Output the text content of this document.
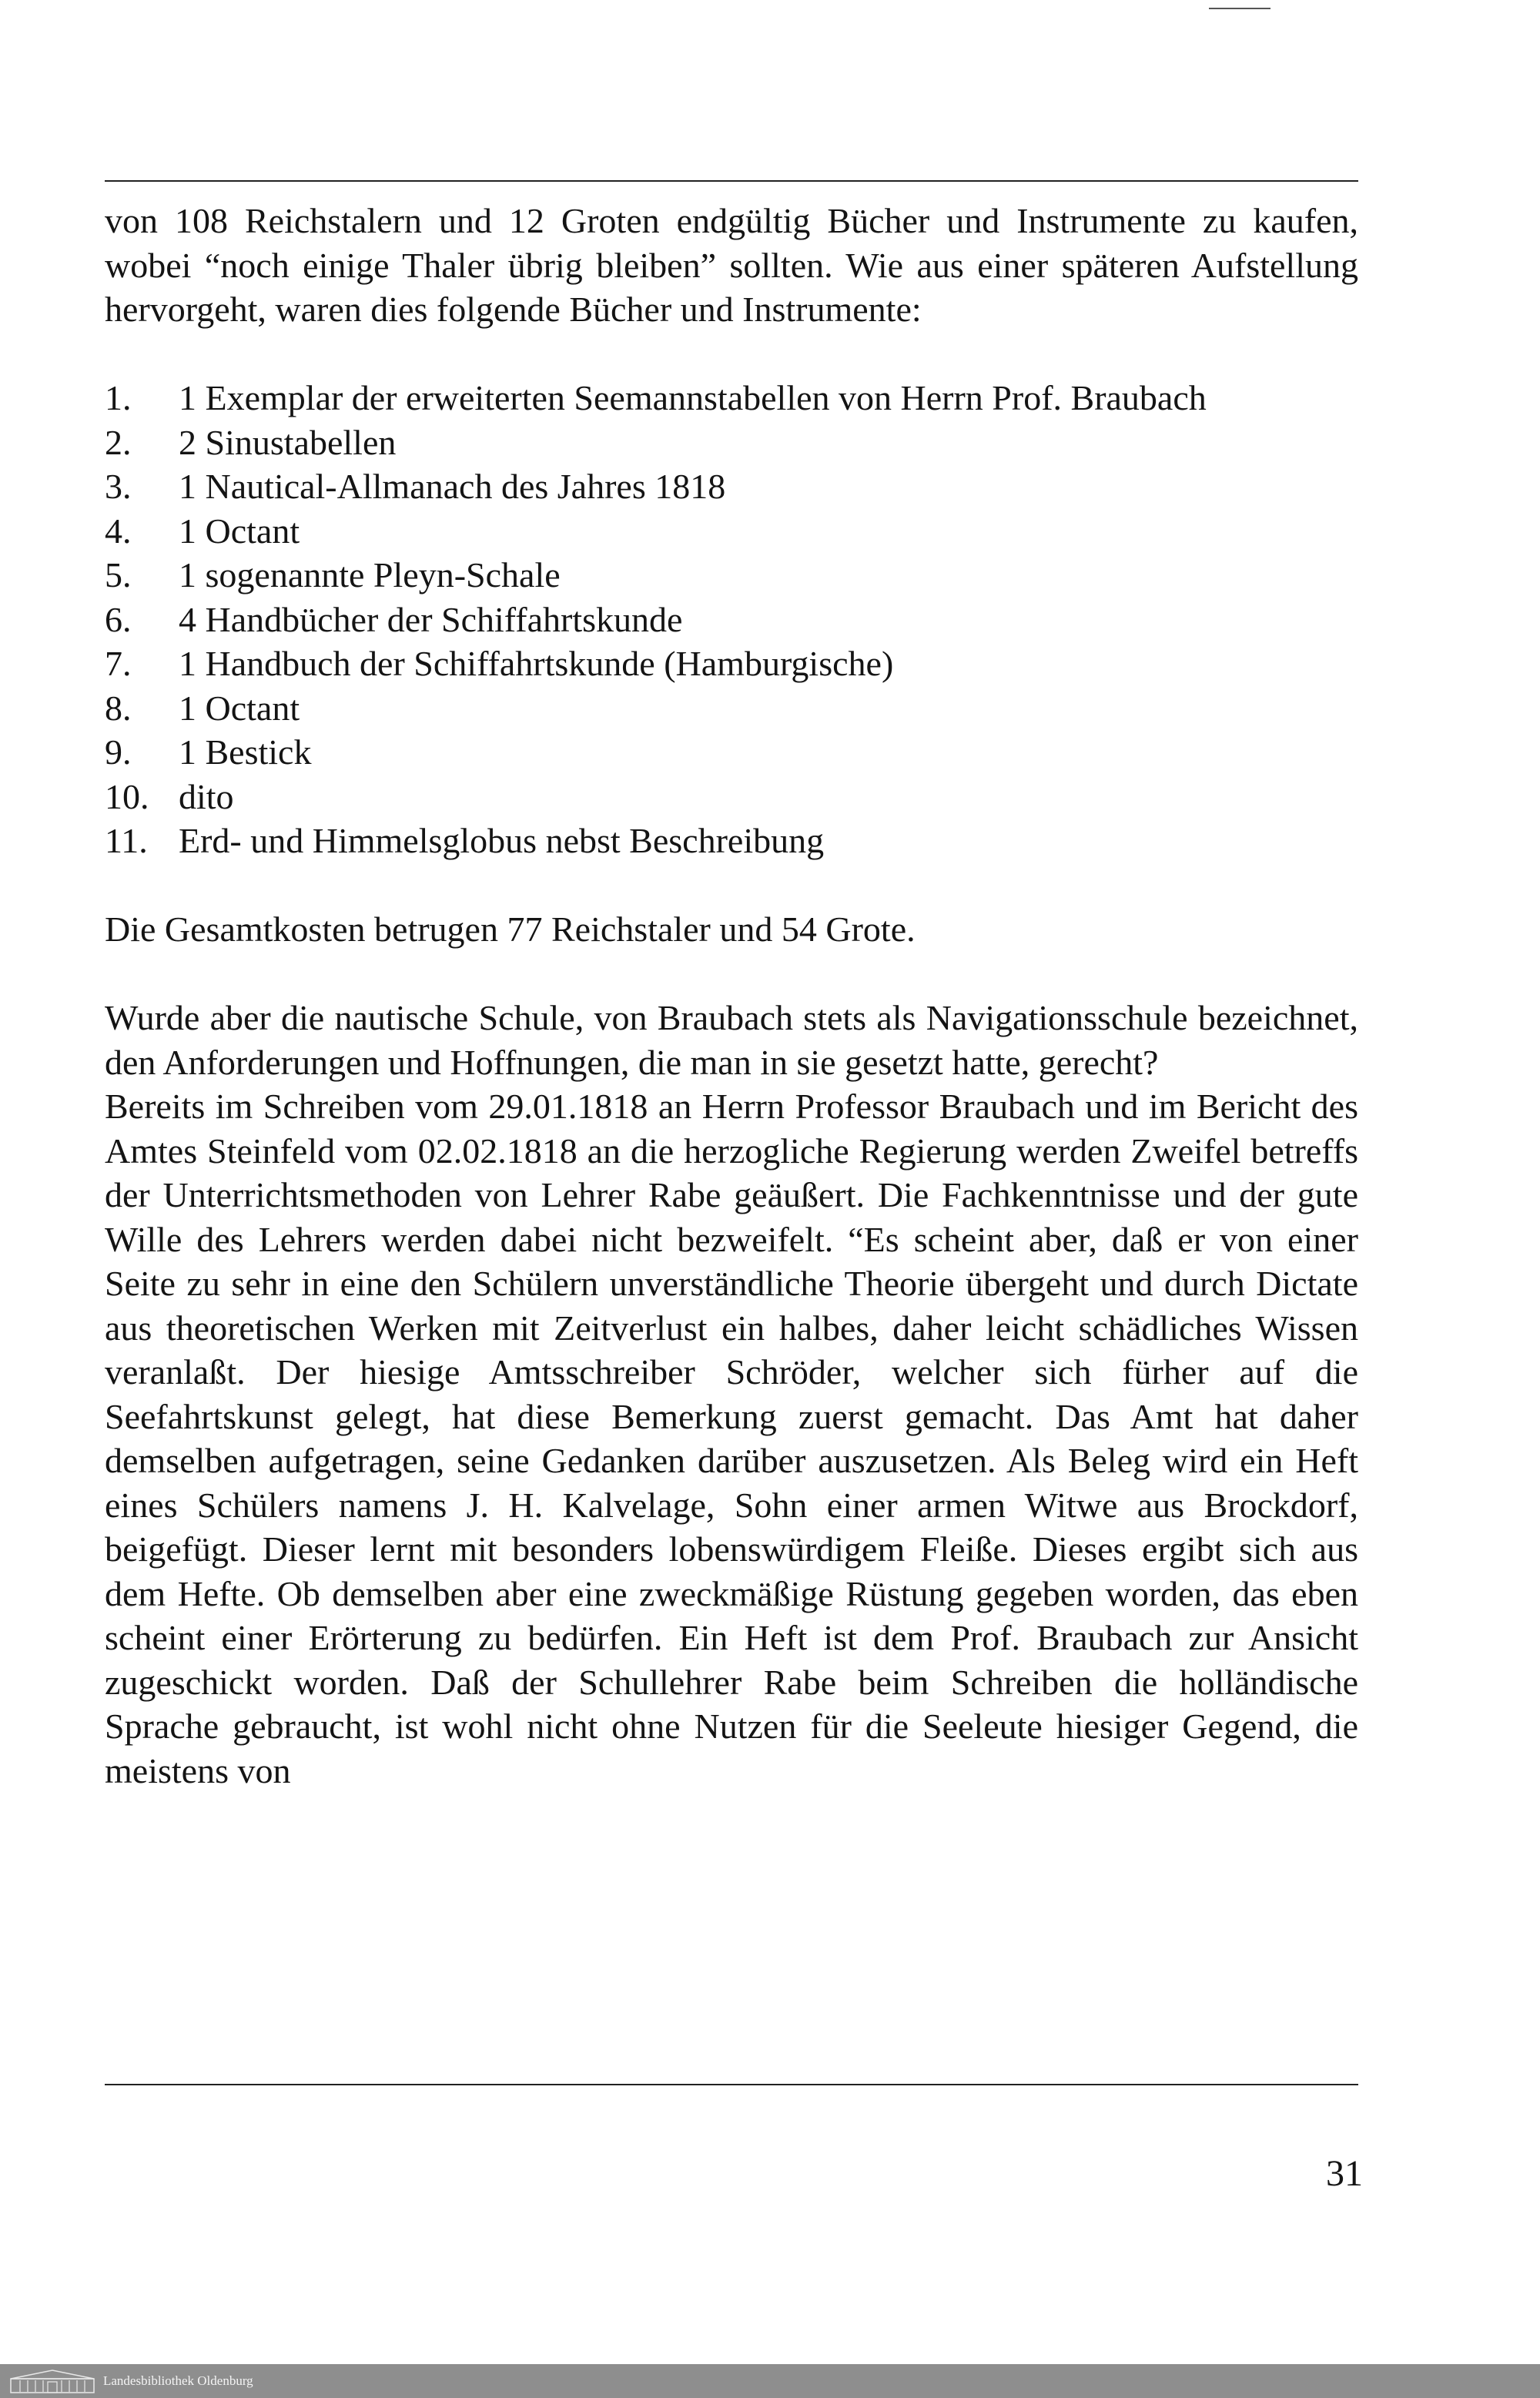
von 108 Reichstalern und 12 Groten endgültig Bücher und Instrumente zu kaufen, wobei “noch einige Thaler übrig bleiben” sollten. Wie aus einer späteren Aufstellung hervorgeht, waren dies folgende Bücher und Instrumente:

1.	1 Exemplar der erweiterten Seemannstabellen von Herrn Prof. Braubach
2.	2 Sinustabellen
3.	1 Nautical-Allmanach des Jahres 1818
4.	1 Octant
5.	1 sogenannte Pleyn-Schale
6.	4 Handbücher der Schiffahrtskunde
7.	1 Handbuch der Schiffahrtskunde (Hamburgische)
8.	1 Octant
9.	1 Bestick
10. dito
11. Erd- und Himmelsglobus nebst Beschreibung

Die Gesamtkosten betrugen 77 Reichstaler und 54 Grote.

Wurde aber die nautische Schule, von Braubach stets als Navigationsschule bezeichnet, den Anforderungen und Hoffnungen, die man in sie gesetzt hatte, gerecht?

Bereits im Schreiben vom 29.01.1818 an Herrn Professor Braubach und im Bericht des Amtes Steinfeld vom 02.02.1818 an die herzogliche Regierung werden Zweifel betreffs der Unterrichtsmethoden von Lehrer Rabe geäußert. Die Fachkenntnisse und der gute Wille des Lehrers werden dabei nicht bezweifelt. “Es scheint aber, daß er von einer Seite zu sehr in eine den Schülern unverständliche Theorie übergeht und durch Dictate aus theoretischen Werken mit Zeitverlust ein halbes, daher leicht schädliches Wissen veranlaßt. Der hiesige Amtsschreiber Schröder, welcher sich fürher auf die Seefahrtskunst gelegt, hat diese Bemerkung zuerst gemacht. Das Amt hat daher demselben aufgetragen, seine Gedanken darüber auszusetzen. Als Beleg wird ein Heft eines Schülers namens J. H. Kalvelage, Sohn einer armen Witwe aus Brockdorf, beigefügt. Dieser lernt mit besonders lobenswürdigem Fleiße. Dieses ergibt sich aus dem Hefte. Ob demselben aber eine zweckmäßige Rüstung gegeben worden, das eben scheint einer Erörterung zu bedürfen. Ein Heft ist dem Prof. Braubach zur Ansicht zugeschickt worden. Daß der Schullehrer Rabe beim Schreiben die holländische Sprache gebraucht, ist wohl nicht ohne Nutzen für die Seeleute hiesiger Gegend, die meistens von

31
Landesbibliothek Oldenburg
